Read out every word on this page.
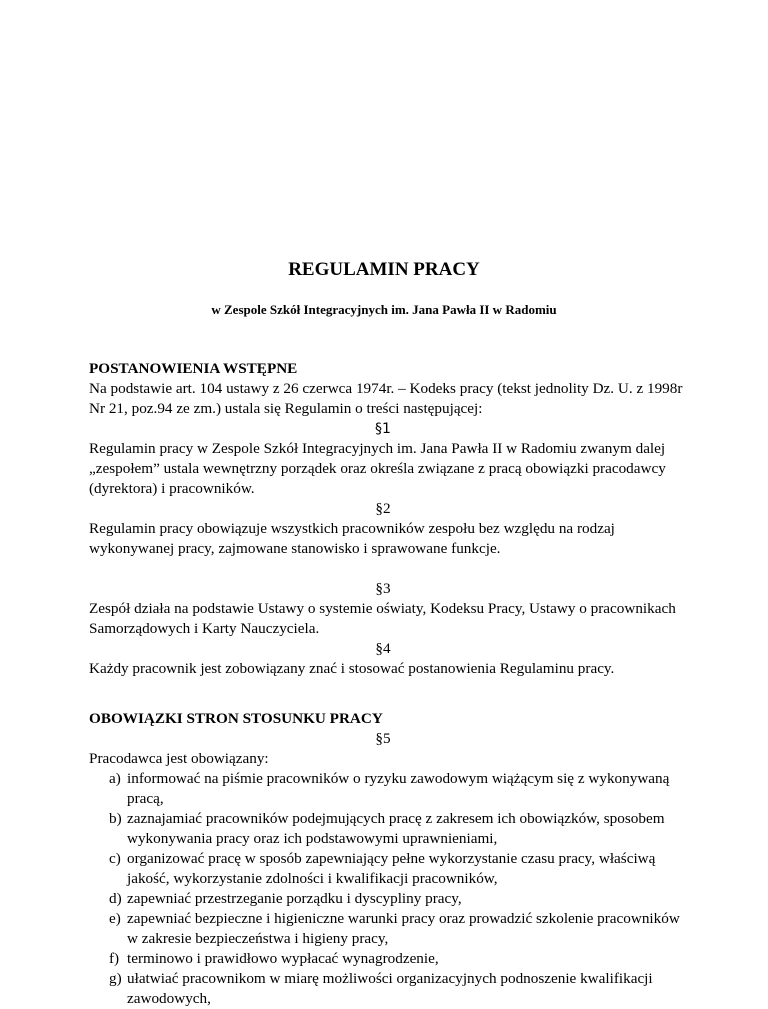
REGULAMIN PRACY
w Zespole Szkół Integracyjnych im. Jana Pawła II w Radomiu

POSTANOWIENIA WSTĘPNE

Na podstawie art. 104 ustawy z 26 czerwca 1974r. – Kodeks pracy (tekst jednolity Dz. U. z 1998r Nr 21, poz.94 ze zm.) ustala się Regulamin o treści następującej:

§1

Regulamin pracy w Zespole Szkół Integracyjnych im. Jana Pawła II w Radomiu zwanym dalej „zespołem” ustala wewnętrzny porządek oraz określa związane z pracą obowiązki pracodawcy (dyrektora) i pracowników.

§2

Regulamin pracy obowiązuje wszystkich pracowników zespołu bez względu na rodzaj wykonywanej pracy, zajmowane stanowisko i sprawowane funkcje.

§3

Zespół działa na podstawie Ustawy o systemie oświaty, Kodeksu Pracy, Ustawy o pracownikach Samorządowych i Karty Nauczyciela.

§4

Każdy pracownik jest zobowiązany znać i stosować postanowienia Regulaminu pracy.

OBOWIĄZKI STRON STOSUNKU PRACY

§5

Pracodawca jest obowiązany:

a) informować na piśmie pracowników o ryzyku zawodowym wiążącym się z wykonywaną pracą,
b) zaznajamiać pracowników podejmujących pracę z zakresem ich obowiązków, sposobem wykonywania pracy oraz ich podstawowymi uprawnieniami,
c) organizować pracę w sposób zapewniający pełne wykorzystanie czasu pracy, właściwą jakość, wykorzystanie zdolności i kwalifikacji pracowników,
d) zapewniać przestrzeganie porządku i dyscypliny pracy,
e) zapewniać bezpieczne i higieniczne warunki pracy oraz prowadzić szkolenie pracowników w zakresie bezpieczeństwa i higieny pracy,
f) terminowo i prawidłowo wypłacać wynagrodzenie,
g) ułatwiać pracownikom w miarę możliwości organizacyjnych podnoszenie kwalifikacji zawodowych,
